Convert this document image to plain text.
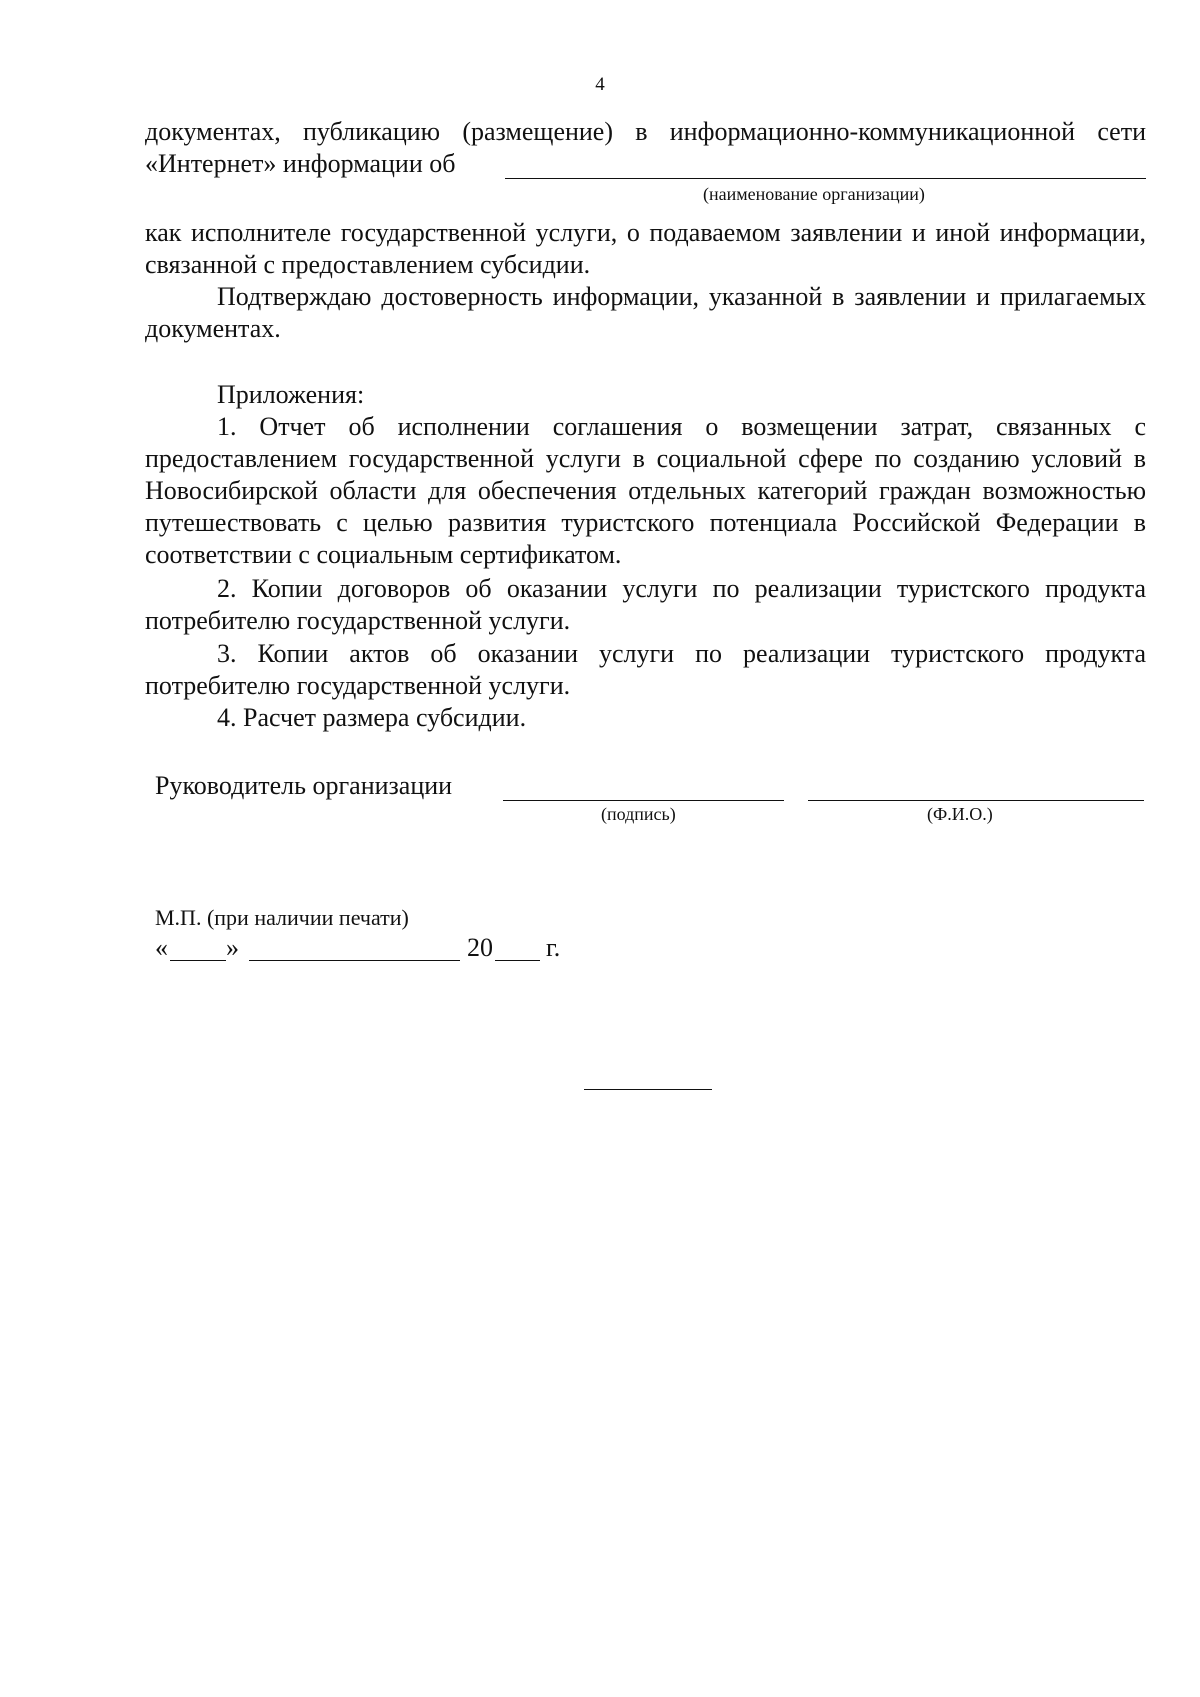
4
документах, публикацию (размещение) в информационно-коммуникационной сети
«Интернет» информации об
(наименование организации)
как исполнителе государственной услуги, о подаваемом заявлении и иной информации, связанной с предоставлением субсидии.
Подтверждаю достоверность информации, указанной в заявлении и прилагаемых документах.
Приложения:
1. Отчет об исполнении соглашения о возмещении затрат, связанных с предоставлением государственной услуги в социальной сфере по созданию условий в Новосибирской области для обеспечения отдельных категорий граждан возможностью путешествовать с целью развития туристского потенциала Российской Федерации в соответствии с социальным сертификатом.
2. Копии договоров об оказании услуги по реализации туристского продукта потребителю государственной услуги.
3. Копии актов об оказании услуги по реализации туристского продукта потребителю государственной услуги.
4. Расчет размера субсидии.
Руководитель организации
(подпись)	(Ф.И.О.)
М.П. (при наличии печати)
« »	20 г.
